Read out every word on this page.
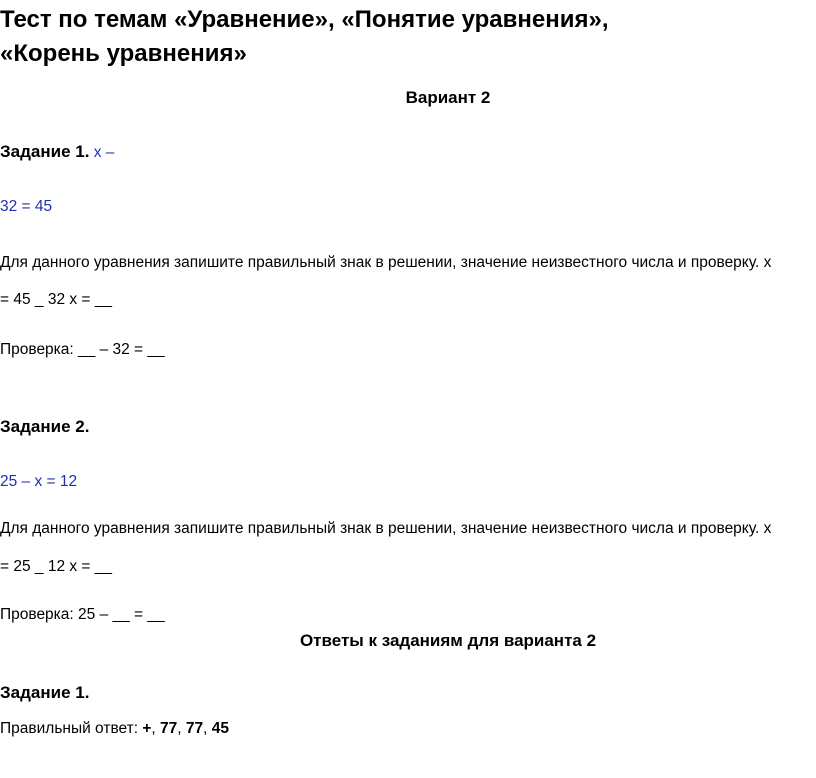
Тест по темам «Уравнение», «Понятие уравнения»,
«Корень уравнения»
Вариант 2
Задание 1. х –
32 = 45
Для данного уравнения запишите правильный знак в решении, значение неизвестного числа и проверку. х
= 45 _ 32 х = __
Проверка: __ – 32 = __
Задание 2.
25 – х = 12
Для данного уравнения запишите правильный знак в решении, значение неизвестного числа и проверку. х
= 25 _ 12 х = __
Проверка: 25 – __ = __
Ответы к заданиям для варианта 2
Задание 1.
Правильный ответ: +, 77, 77, 45
